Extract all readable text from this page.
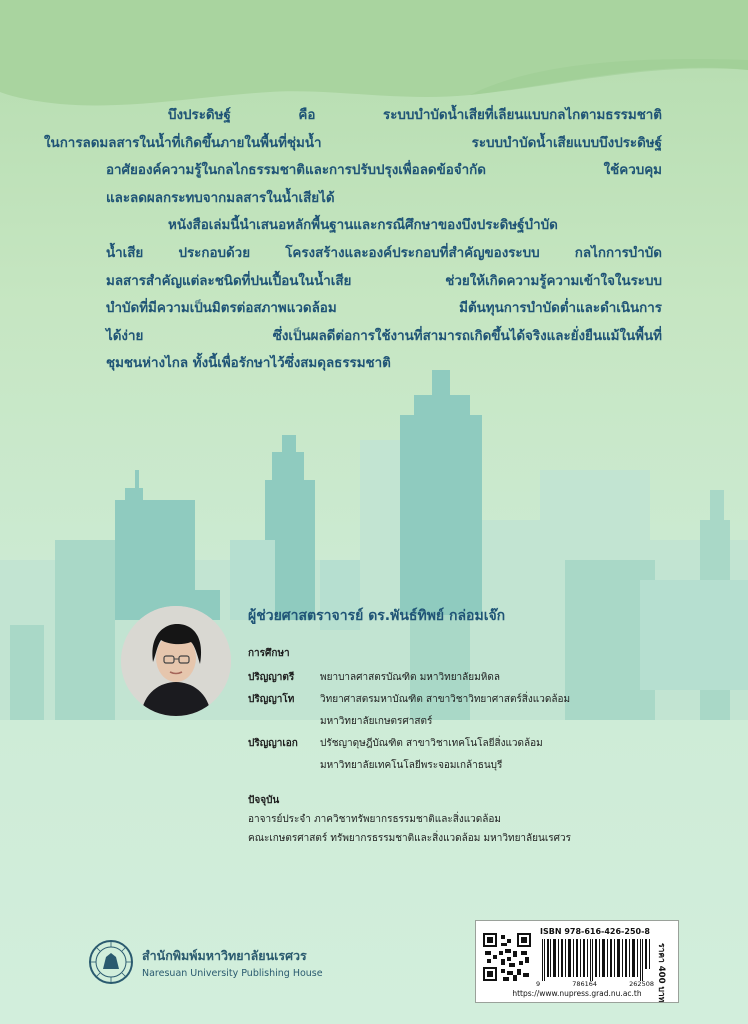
บึงประดิษฐ์ คือ ระบบบำบัดน้ำเสียที่เลียนแบบกลไกตามธรรมชาติ
ในการลดมลสารในน้ำที่เกิดขึ้นภายในพื้นที่ชุ่มน้ำ ระบบบำบัดน้ำเสียแบบบึงประดิษฐ์
อาศัยองค์ความรู้ในกลไกธรรมชาติและการปรับปรุงเพื่อลดข้อจำกัด ใช้ควบคุม
และลดผลกระทบจากมลสารในน้ำเสียได้

หนังสือเล่มนี้นำเสนอหลักพื้นฐานและกรณีศึกษาของบึงประดิษฐ์บำบัด
น้ำเสีย ประกอบด้วย โครงสร้างและองค์ประกอบที่สำคัญของระบบ กลไกการบำบัด
มลสารสำคัญแต่ละชนิดที่ปนเปื้อนในน้ำเสีย ช่วยให้เกิดความรู้ความเข้าใจในระบบ
บำบัดที่มีความเป็นมิตรต่อสภาพแวดล้อม มีต้นทุนการบำบัดต่ำและดำเนินการ
ได้ง่าย ซึ่งเป็นผลดีต่อการใช้งานที่สามารถเกิดขึ้นได้จริงและยั่งยืนแม้ในพื้นที่
ชุมชนห่างไกล ทั้งนี้เพื่อรักษาไว้ซึ่งสมดุลธรรมชาติ

ผู้ช่วยศาสตราจารย์ ดร.พันธ์ทิพย์ กล่อมเจ๊ก
การศึกษา
ปริญญาตรี	พยาบาลศาสตรบัณฑิต มหาวิทยาลัยมหิดล
ปริญญาโท	วิทยาศาสตรมหาบัณฑิต สาขาวิชาวิทยาศาสตร์สิ่งแวดล้อม
มหาวิทยาลัยเกษตรศาสตร์
ปริญญาเอก	ปรัชญาดุษฎีบัณฑิต สาขาวิชาเทคโนโลยีสิ่งแวดล้อม
มหาวิทยาลัยเทคโนโลยีพระจอมเกล้าธนบุรี
ปัจจุบัน
อาจารย์ประจำ ภาควิชาทรัพยากรธรรมชาติและสิ่งแวดล้อม
คณะเกษตรศาสตร์ ทรัพยากรธรรมชาติและสิ่งแวดล้อม มหาวิทยาลัยนเรศวร
สำนักพิมพ์มหาวิทยาลัยนเรศวร
Naresuan University Publishing House
ISBN 978-616-426-250-8
9	786164	262508 ราคา 400 บาท
https://www.nupress.grad.nu.ac.th
